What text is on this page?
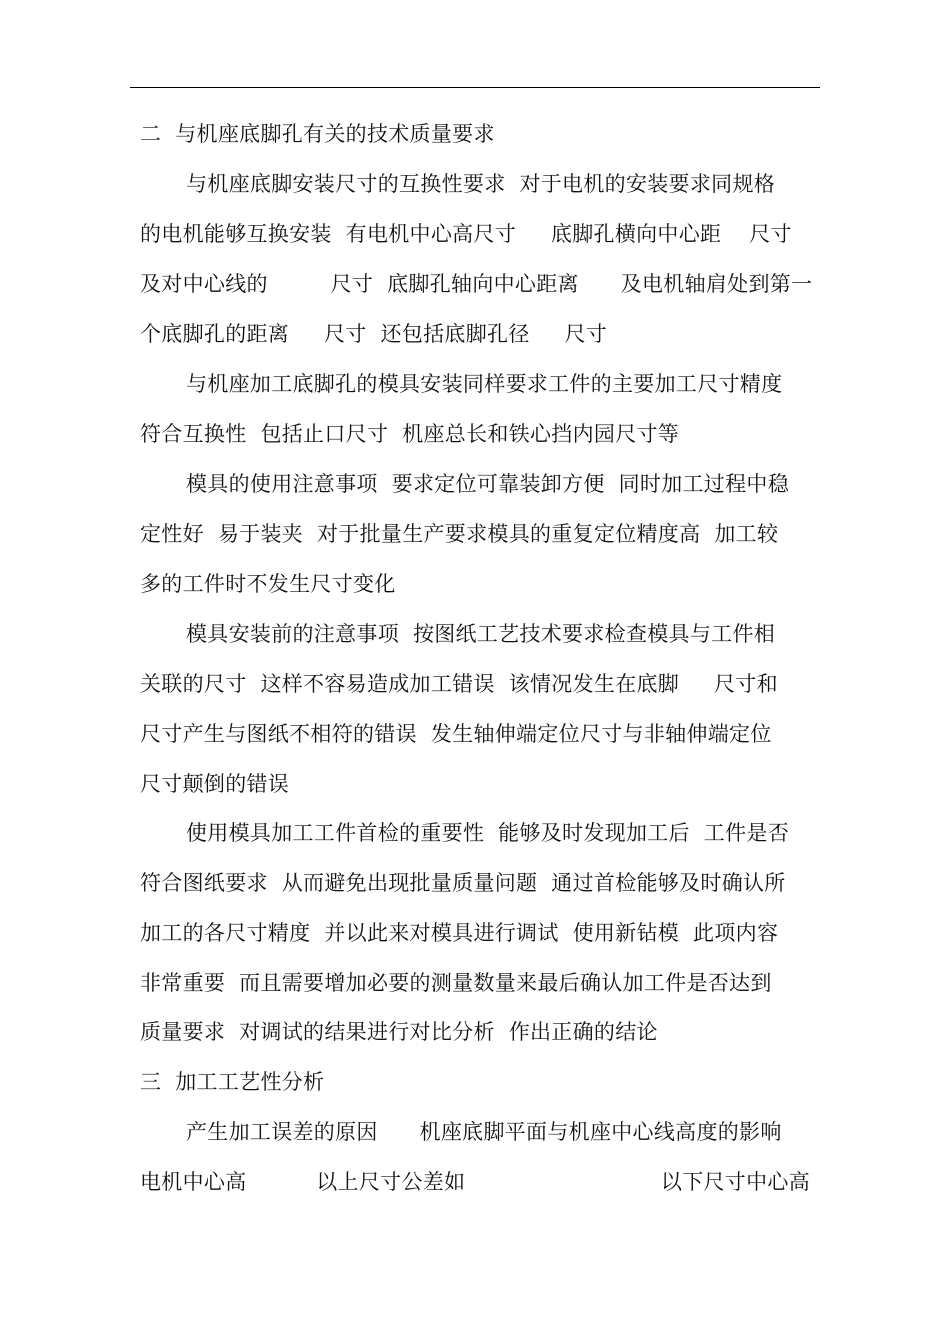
二  与机座底脚孔有关的技术质量要求
与机座底脚安装尺寸的互换性要求  对于电机的安装要求同规格
的电机能够互换安装  有电机中心高尺寸     底脚孔横向中心距    尺寸
及对中心线的         尺寸  底脚孔轴向中心距离      及电机轴肩处到第一
个底脚孔的距离     尺寸  还包括底脚孔径     尺寸
与机座加工底脚孔的模具安装同样要求工件的主要加工尺寸精度
符合互换性  包括止口尺寸  机座总长和铁心挡内园尺寸等
模具的使用注意事项  要求定位可靠装卸方便  同时加工过程中稳
定性好  易于装夹  对于批量生产要求模具的重复定位精度高  加工较
多的工件时不发生尺寸变化
模具安装前的注意事项  按图纸工艺技术要求检查模具与工件相
关联的尺寸  这样不容易造成加工错误  该情况发生在底脚     尺寸和
尺寸产生与图纸不相符的错误  发生轴伸端定位尺寸与非轴伸端定位
尺寸颠倒的错误
使用模具加工工件首检的重要性  能够及时发现加工后  工件是否
符合图纸要求  从而避免出现批量质量问题  通过首检能够及时确认所
加工的各尺寸精度  并以此来对模具进行调试  使用新钻模  此项内容
非常重要  而且需要增加必要的测量数量来最后确认加工件是否达到
质量要求  对调试的结果进行对比分析  作出正确的结论
三  加工工艺性分析
产生加工误差的原因      机座底脚平面与机座中心线高度的影响
电机中心高          以上尺寸公差如	以下尺寸中心高
